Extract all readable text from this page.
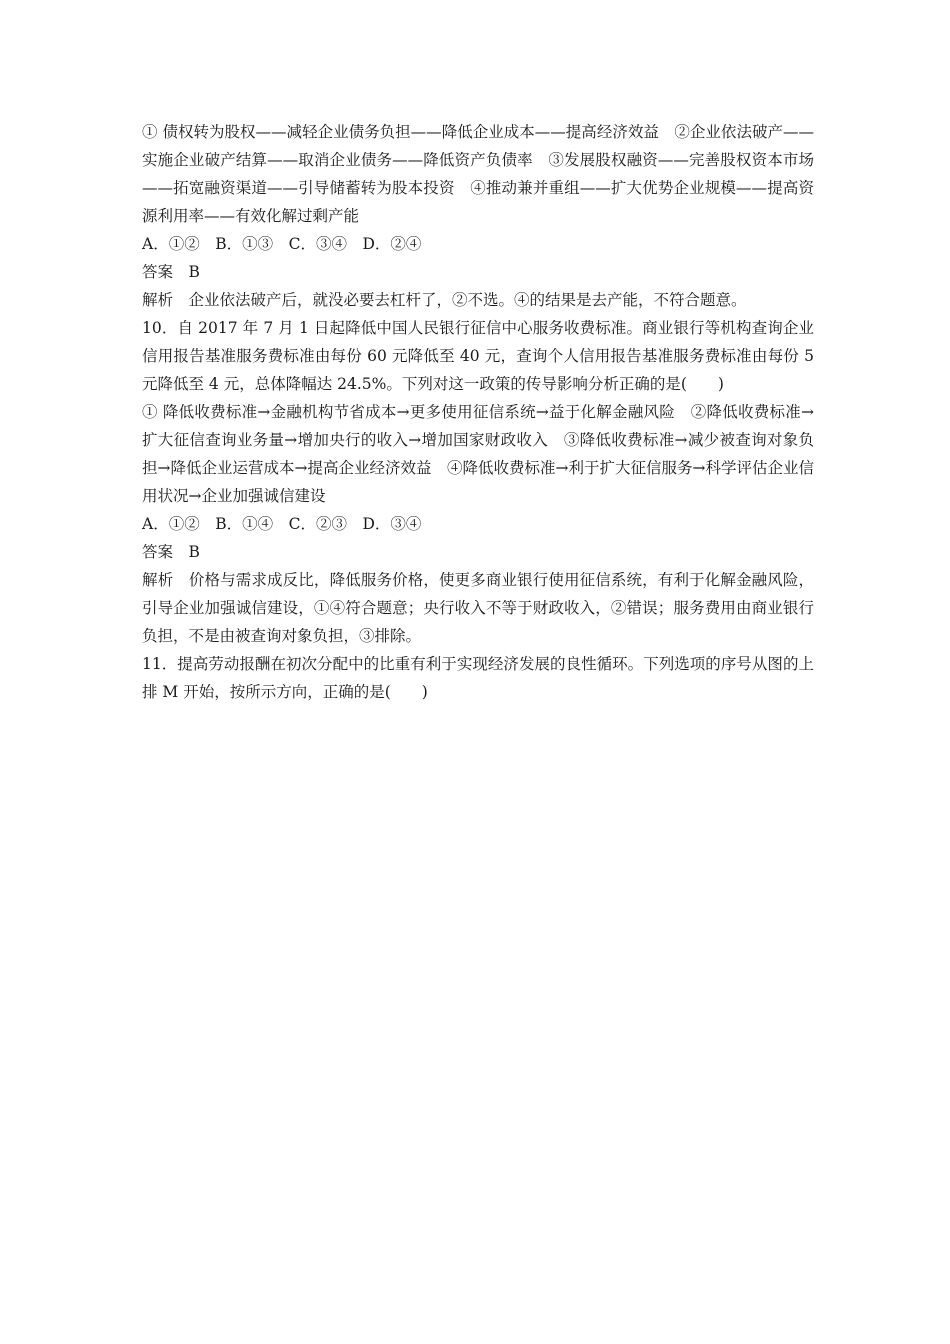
① 债权转为股权——减轻企业债务负担——降低企业成本——提高经济效益　②企业依法破产——实施企业破产结算——取消企业债务——降低资产负债率　③发展股权融资——完善股权资本市场——拓宽融资渠道——引导储蓄转为股本投资　④推动兼并重组——扩大优势企业规模——提高资源利用率——有效化解过剩产能

A．①②　B．①③　C．③④　D．②④

答案　B

解析　企业依法破产后，就没必要去杠杆了，②不选。④的结果是去产能，不符合题意。

10．自 2017 年 7 月 1 日起降低中国人民银行征信中心服务收费标准。商业银行等机构查询企业信用报告基准服务费标准由每份 60 元降低至 40 元，查询个人信用报告基准服务费标准由每份 5 元降低至 4 元，总体降幅达 24.5%。下列对这一政策的传导影响分析正确的是(　　)

① 降低收费标准→金融机构节省成本→更多使用征信系统→益于化解金融风险　②降低收费标准→扩大征信查询业务量→增加央行的收入→增加国家财政收入　③降低收费标准→减少被查询对象负担→降低企业运营成本→提高企业经济效益　④降低收费标准→利于扩大征信服务→科学评估企业信用状况→企业加强诚信建设

A．①②　B．①④　C．②③　D．③④

答案　B

解析　价格与需求成反比，降低服务价格，使更多商业银行使用征信系统，有利于化解金融风险，引导企业加强诚信建设，①④符合题意；央行收入不等于财政收入，②错误；服务费用由商业银行负担，不是由被查询对象负担，③排除。

11．提高劳动报酬在初次分配中的比重有利于实现经济发展的良性循环。下列选项的序号从图的上排 M 开始，按所示方向，正确的是(　　)
